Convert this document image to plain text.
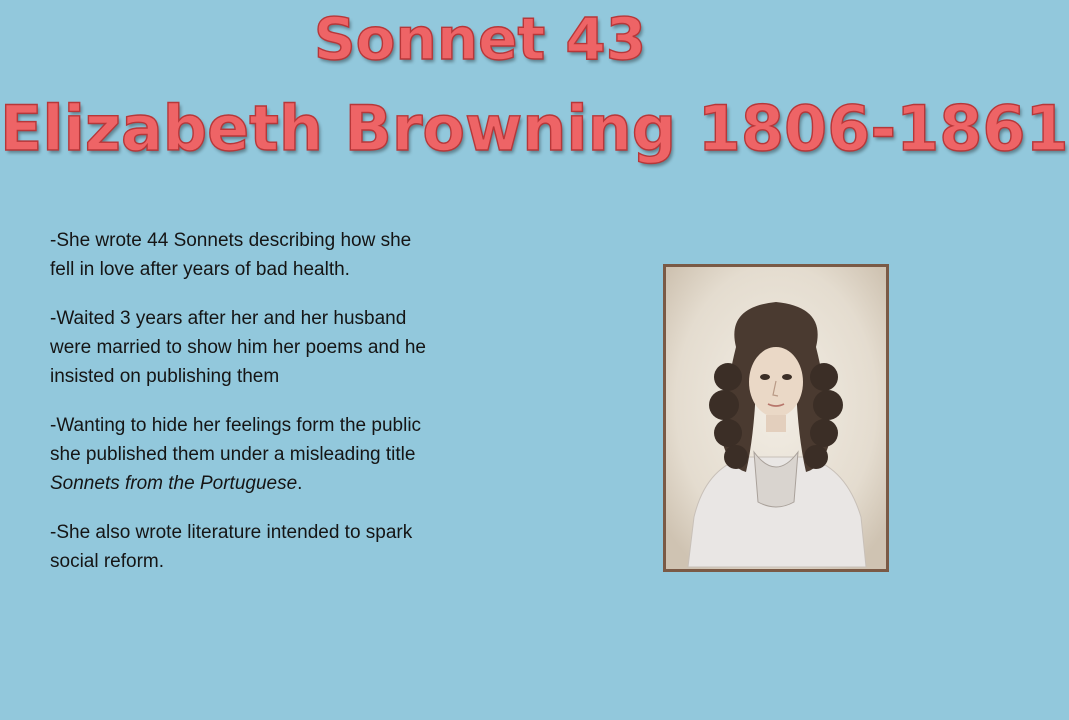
Sonnet 43
Elizabeth Browning 1806-1861

-She wrote 44 Sonnets describing how she fell in love after years of bad health.

-Waited 3 years after her and her husband were married to show him her poems and he insisted on publishing them

-Wanting to hide her feelings form the public she published them under a misleading title Sonnets from the Portuguese.

-She also wrote literature intended to spark social reform.
